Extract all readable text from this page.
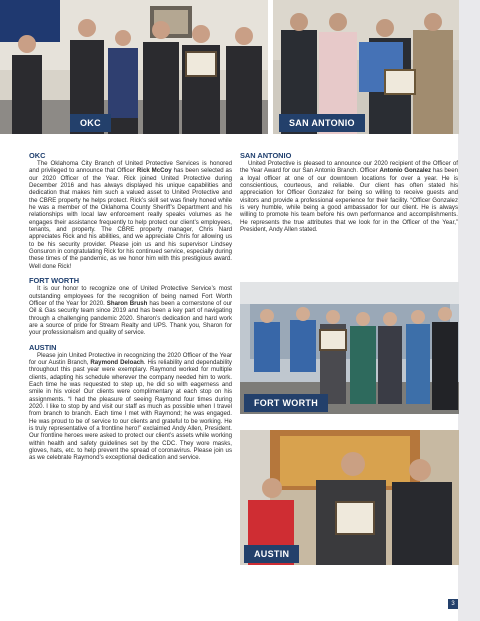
OKC	SAN ANTONIO
OKC

The Oklahoma City Branch of United Protective Services is honored and privileged to announce that Officer Rick McCoy has been selected as our 2020 Officer of the Year. Rick joined United Protective during December 2016 and has always displayed his unique capabilities and dedication that makes him such a valued asset to United Protective and the CBRE property he helps protect. Rick’s skill set was finely honed while he was a member of the Oklahoma County Sheriff’s Department and his relationships with local law enforcement really speaks volumes as he engages their assistance frequently to help protect our client’s employees, tenants, and property. The CBRE property manager, Chris Nard appreciates Rick and his abilities, and we appreciate Chris for allowing us to be his security provider. Please join us and his supervisor Lindsey Gonsuron in congratulating Rick for his continued service, especially during these times of the pandemic, as we honor him with this prestigious award. Well done Rick!

FORT WORTH

It is our honor to recognize one of United Protective Service’s most outstanding employees for the recognition of being named Fort Worth Officer of the Year for 2020. Sharon Brush has been a cornerstone of our Oil & Gas security team since 2019 and has been a key part of navigating through a challenging pandemic 2020. Sharon’s dedication and hard work are a source of pride for Stream Realty and UPS. Thank you, Sharon for your professionalism and quality of service.

AUSTIN

Please join United Protective in recognizing the 2020 Officer of the Year for our Austin Branch, Raymond Deloach. His reliability and dependability throughout this past year were exemplary. Raymond worked for multiple clients, adapting his schedule wherever the company needed him to work. Each time he was requested to step up, he did so with eagerness and smile in his voice! Our clients were complimentary at each stop on his assignments. “I had the pleasure of seeing Raymond four times during 2020. I like to stop by and visit our staff as much as possible when I travel from branch to branch. Each time I met with Raymond; he was engaged. He was proud to be of service to our clients and grateful to be working. He is truly representative of a frontline hero!” exclaimed Andy Allen, President. Our frontline heroes were asked to protect our client’s assets while working within health and safety guidelines set by the CDC. They wore masks, gloves, hats, etc. to help prevent the spread of coronavirus. Please join us as we celebrate Raymond’s exceptional dedication and service.

SAN ANTONIO

United Protective is pleased to announce our 2020 recipient of the Officer of the Year Award for our San Antonio Branch. Officer Antonio Gonzalez has been a loyal officer at one of our downtown locations for over a year. He is conscientious, courteous, and reliable. Our client has often stated his appreciation for Officer Gonzalez for being so willing to receive guests and visitors and provide a professional experience for their facility. “Officer Gonzalez is very humble, while being a good ambassador for our client. He is always willing to promote his team before his own performance and accomplishments. He represents the true attributes that we look for in the Officer of the Year,” President, Andy Allen stated.

FORT WORTH
AUSTIN
3
